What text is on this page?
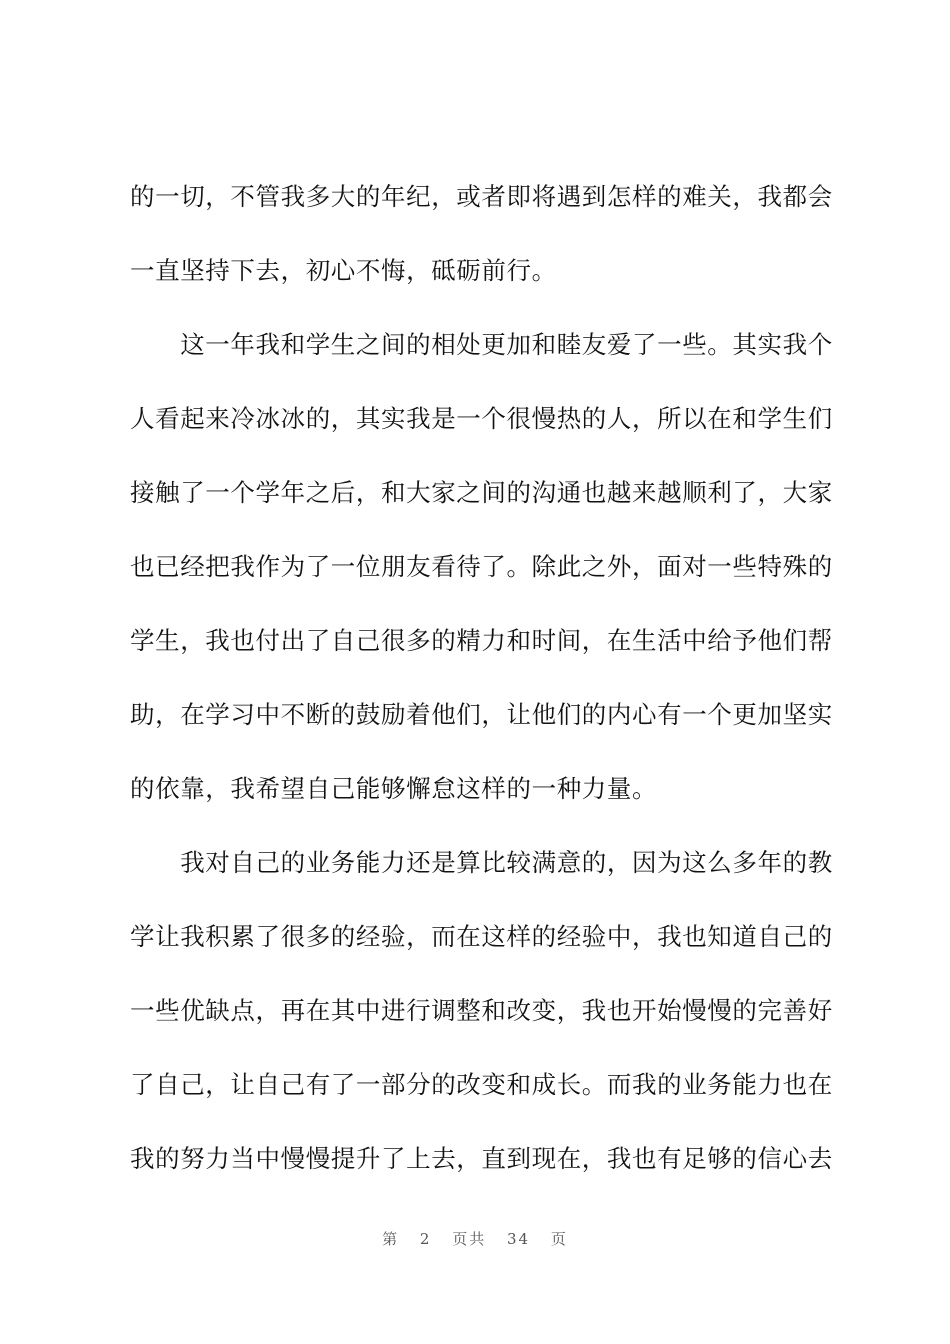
的一切，不管我多大的年纪，或者即将遇到怎样的难关，我都会
一直坚持下去，初心不悔，砥砺前行。
　　这一年我和学生之间的相处更加和睦友爱了一些。其实我个
人看起来冷冰冰的，其实我是一个很慢热的人，所以在和学生们
接触了一个学年之后，和大家之间的沟通也越来越顺利了，大家
也已经把我作为了一位朋友看待了。除此之外，面对一些特殊的
学生，我也付出了自己很多的精力和时间，在生活中给予他们帮
助，在学习中不断的鼓励着他们，让他们的内心有一个更加坚实
的依靠，我希望自己能够懈怠这样的一种力量。
　　我对自己的业务能力还是算比较满意的，因为这么多年的教
学让我积累了很多的经验，而在这样的经验中，我也知道自己的
一些优缺点，再在其中进行调整和改变，我也开始慢慢的完善好
了自己，让自己有了一部分的改变和成长。而我的业务能力也在
我的努力当中慢慢提升了上去，直到现在，我也有足够的信心去
第 2 页共 34 页
